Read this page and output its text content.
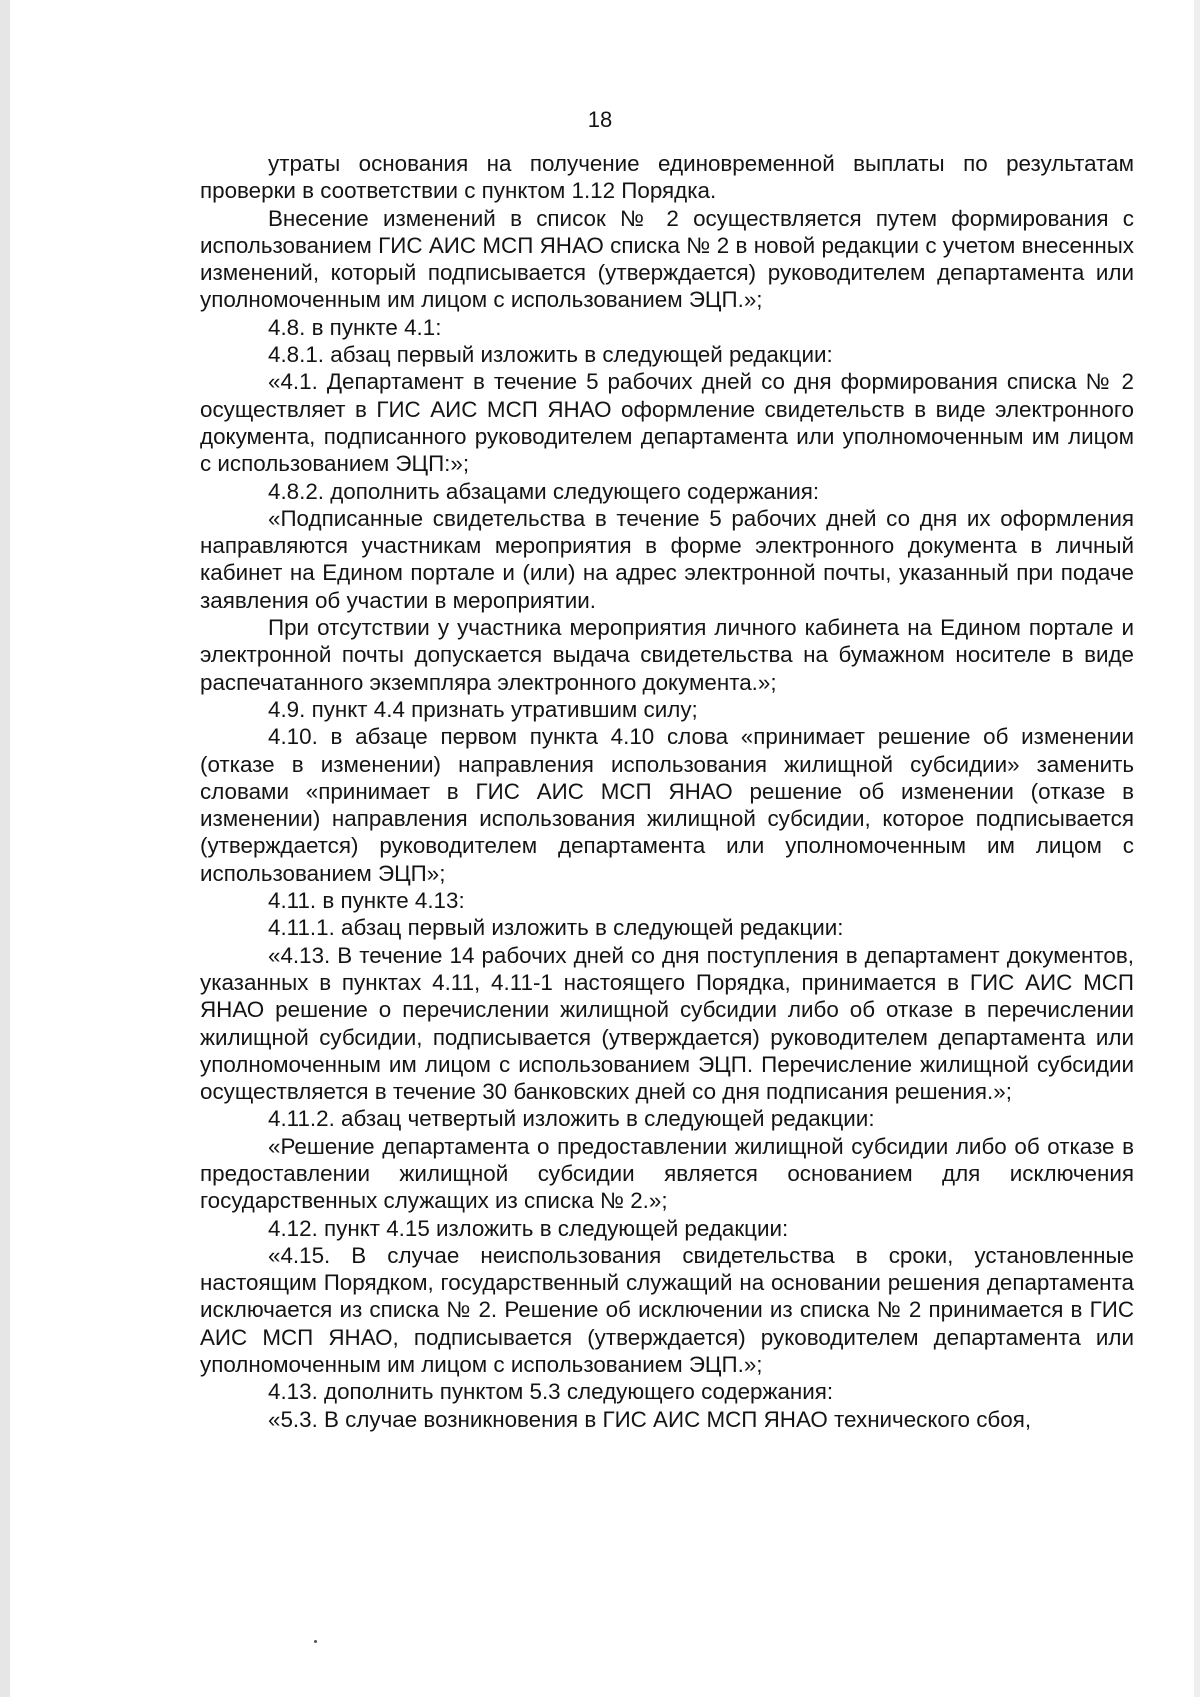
18

утраты основания на получение единовременной выплаты по результатам проверки в соответствии с пунктом 1.12 Порядка.

Внесение изменений в список № 2 осуществляется путем формирования с использованием ГИС АИС МСП ЯНАО списка № 2 в новой редакции с учетом внесенных изменений, который подписывается (утверждается) руководителем департамента или уполномоченным им лицом с использованием ЭЦП.»;

4.8. в пункте 4.1:

4.8.1. абзац первый изложить в следующей редакции:

«4.1. Департамент в течение 5 рабочих дней со дня формирования списка № 2 осуществляет в ГИС АИС МСП ЯНАО оформление свидетельств в виде электронного документа, подписанного руководителем департамента или уполномоченным им лицом с использованием ЭЦП:»;

4.8.2. дополнить абзацами следующего содержания:

«Подписанные свидетельства в течение 5 рабочих дней со дня их оформления направляются участникам мероприятия в форме электронного документа в личный кабинет на Едином портале и (или) на адрес электронной почты, указанный при подаче заявления об участии в мероприятии.

При отсутствии у участника мероприятия личного кабинета на Едином портале и электронной почты допускается выдача свидетельства на бумажном носителе в виде распечатанного экземпляра электронного документа.»;

4.9. пункт 4.4 признать утратившим силу;

4.10. в абзаце первом пункта 4.10 слова «принимает решение об изменении (отказе в изменении) направления использования жилищной субсидии» заменить словами «принимает в ГИС АИС МСП ЯНАО решение об изменении (отказе в изменении) направления использования жилищной субсидии, которое подписывается (утверждается) руководителем департамента или уполномоченным им лицом с использованием ЭЦП»;

4.11. в пункте 4.13:

4.11.1. абзац первый изложить в следующей редакции:

«4.13. В течение 14 рабочих дней со дня поступления в департамент документов, указанных в пунктах 4.11, 4.11-1 настоящего Порядка, принимается в ГИС АИС МСП ЯНАО решение о перечислении жилищной субсидии либо об отказе в перечислении жилищной субсидии, подписывается (утверждается) руководителем департамента или уполномоченным им лицом с использованием ЭЦП. Перечисление жилищной субсидии осуществляется в течение 30 банковских дней со дня подписания решения.»;

4.11.2. абзац четвертый изложить в следующей редакции:

«Решение департамента о предоставлении жилищной субсидии либо об отказе в предоставлении жилищной субсидии является основанием для исключения государственных служащих из списка № 2.»;

4.12. пункт 4.15 изложить в следующей редакции:

«4.15. В случае неиспользования свидетельства в сроки, установленные настоящим Порядком, государственный служащий на основании решения департамента исключается из списка № 2. Решение об исключении из списка № 2 принимается в ГИС АИС МСП ЯНАО, подписывается (утверждается) руководителем департамента или уполномоченным им лицом с использованием ЭЦП.»;

4.13. дополнить пунктом 5.3 следующего содержания:

«5.3. В случае возникновения в ГИС АИС МСП ЯНАО технического сбоя,
